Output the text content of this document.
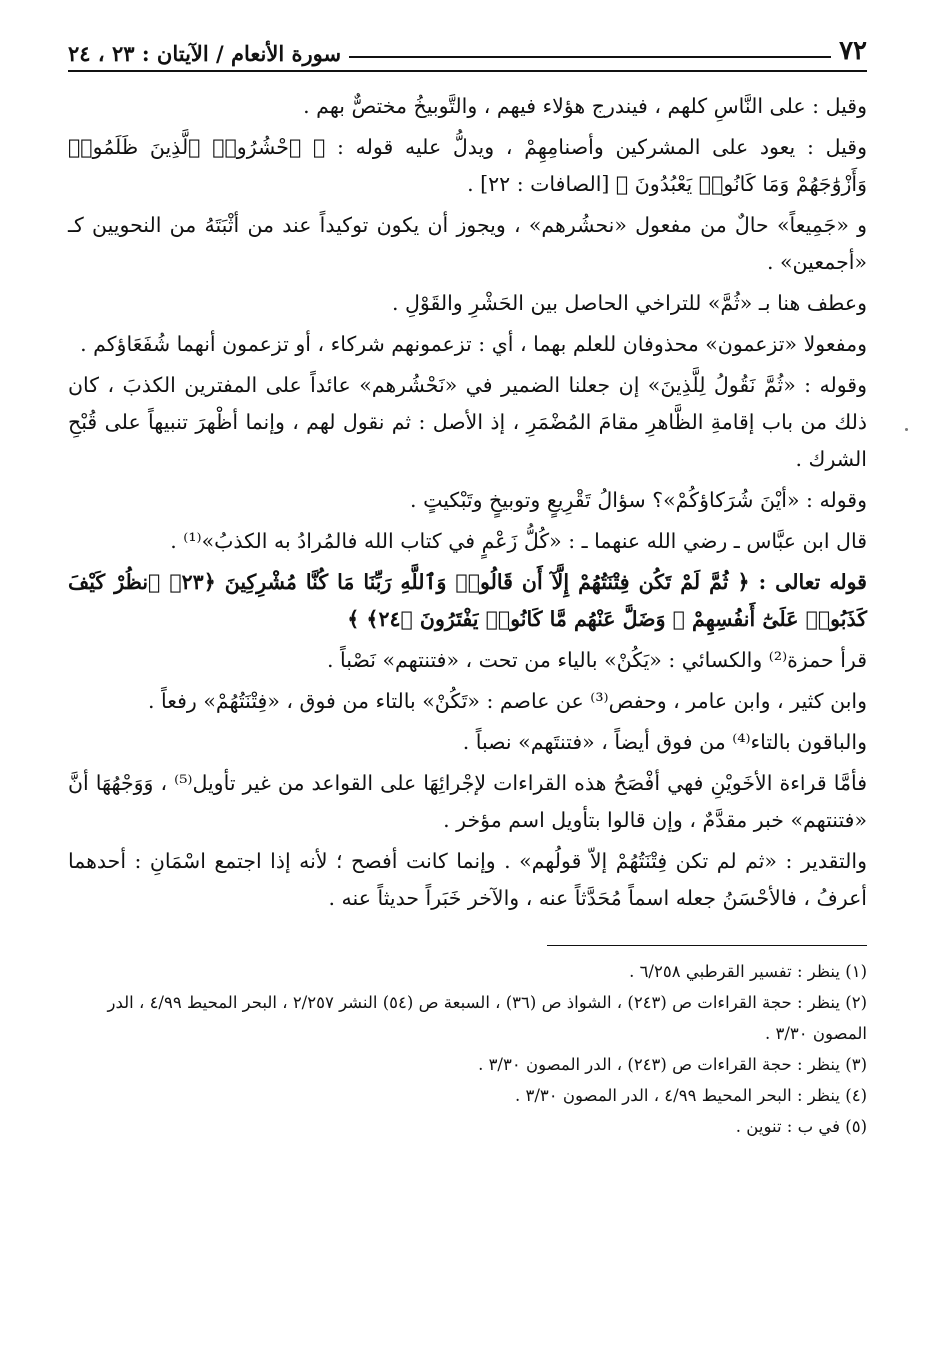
٧٢
سورة الأنعام / الآيتان : ٢٣ ، ٢٤

وقيل : على النَّاسِ كلهم ، فيندرج هؤلاء فيهم ، والتَّوبيخُ مختصٌّ بهم .

وقيل : يعود على المشركين وأصنامِهِمْ ، ويدلُّ عليه قوله : ﴿ ٱحْشُرُوا۟ ٱلَّذِينَ ظَلَمُوا۟ وَأَزْوَٰجَهُمْ وَمَا كَانُوا۟ يَعْبُدُونَ ﴾ [الصافات : ٢٢] .

و «جَمِيعاً» حالٌ من مفعول «نحشُرهم» ، ويجوز أن يكون توكيداً عند من أثْبَتَهُ من النحويين كـ «أجمعين» .

وعطف هنا بـ «ثُمَّ» للتراخي الحاصل بين الحَشْرِ والقَوْلِ .

ومفعولا «تزعمون» محذوفان للعلم بهما ، أي : تزعمونهم شركاء ، أو تزعمون أنهما شُفَعَاؤكم .

وقوله : «ثُمَّ نَقُولُ لِلَّذِينَ» إن جعلنا الضمير في «نَحْشُرهم» عائداً على المفترين الكذبَ ، كان ذلك من باب إقامةِ الظَّاهرِ مقامَ المُضْمَرِ ، إذ الأصل : ثم نقول لهم ، وإنما أظْهرَ تنبيهاً على قُبْحِ الشرك .

وقوله : «أيْنَ شُرَكاؤكُمْ»؟ سؤالُ تَقْرِيعٍ وتوبيخٍ وتَبْكيتٍ .

قال ابن عبَّاس ـ رضي الله عنهما ـ : «كُلُّ زَعْمٍ في كتاب الله فالمُرادُ به الكذبُ»⁽¹⁾ .

قوله تعالى : ﴿ ثُمَّ لَمْ تَكُن فِتْنَتُهُمْ إِلَّآ أَن قَالُوا۟ وَٱللَّهِ رَبِّنَا مَا كُنَّا مُشْرِكِينَ ﴿٢٣﴾ ٱنظُرْ كَيْفَ كَذَبُوا۟ عَلَىٰٓ أَنفُسِهِمْ ۚ وَضَلَّ عَنْهُم مَّا كَانُوا۟ يَفْتَرُونَ ﴿٢٤﴾ ﴾

قرأ حمزة⁽²⁾ والكسائي : «يَكُنْ» بالياء من تحت ، «فتنتهم» نَصْباً .

وابن كثير ، وابن عامر ، وحفص⁽³⁾ عن عاصم : «تَكُنْ» بالتاء من فوق ، «فِتْنَتُهُمْ» رفعاً .

والباقون بالتاء⁽⁴⁾ من فوق أيضاً ، «فتنتَهم» نصباً .

فأمَّا قراءة الأخَويْنِ فهي أفْصَحُ هذه القراءات لإجْرائِهَا على القواعد من غير تأويل⁽⁵⁾ ، وَوَجْهُهَا أنَّ «فتنتهم» خبر مقدَّمٌ ، وإن قالوا بتأويل اسم مؤخر .

والتقدير : «ثم لم تكن فِتْنَتُهُمْ إلاّ قولُهم» . وإنما كانت أفصح ؛ لأنه إذا اجتمع اسْمَانِ : أحدهما أعرفُ ، فالأحْسَنُ جعله اسماً مُحَدَّثاً عنه ، والآخر خَبَراً حديثاً عنه .

(١) ينظر : تفسير القرطبي ٦/٢٥٨ .

(٢) ينظر : حجة القراءات ص (٢٤٣) ، الشواذ ص (٣٦) ، السبعة ص (٥٤) النشر ٢/٢٥٧ ، البحر المحيط ٤/٩٩ ، الدر المصون ٣/٣٠ .

(٣) ينظر : حجة القراءات ص (٢٤٣) ، الدر المصون ٣/٣٠ .

(٤) ينظر : البحر المحيط ٤/٩٩ ، الدر المصون ٣/٣٠ .

(٥) في ب : تنوين .
